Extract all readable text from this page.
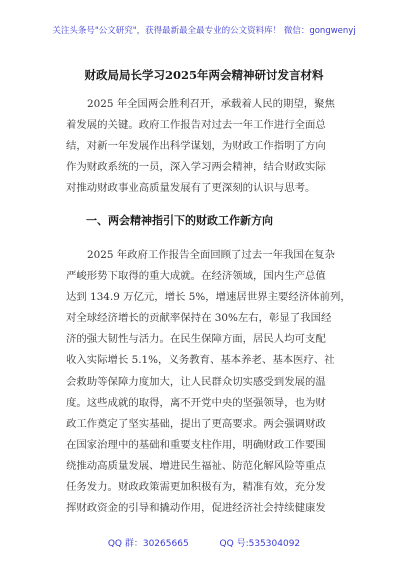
关注头条号"公文研究"，获得最新最全最专业的公文资料库！ 微信：gongwenyj
财政局局长学习2025年两会精神研讨发言材料
2025 年全国两会胜利召开，承载着人民的期望，聚焦
着发展的关键。政府工作报告对过去一年工作进行全面总
结，对新一年发展作出科学谋划，为财政工作指明了方向
作为财政系统的一员，深入学习两会精神，结合财政实际
对推动财政事业高质量发展有了更深刻的认识与思考。
一、两会精神指引下的财政工作新方向
2025 年政府工作报告全面回顾了过去一年我国在复杂
严峻形势下取得的重大成就。在经济领域，国内生产总值
达到 134.9 万亿元，增长 5%，增速居世界主要经济体前列，
对全球经济增长的贡献率保持在 30%左右，彰显了我国经
济的强大韧性与活力。在民生保障方面，居民人均可支配
收入实际增长 5.1%，义务教育、基本养老、基本医疗、社
会救助等保障力度加大，让人民群众切实感受到发展的温
度。这些成就的取得，离不开党中央的坚强领导，也为财
政工作奠定了坚实基础，提出了更高要求。两会强调财政
在国家治理中的基础和重要支柱作用，明确财政工作要围
绕推动高质量发展、增进民生福祉、防范化解风险等重点
任务发力。财政政策需更加积极有为，精准有效，充分发
挥财政资金的引导和撬动作用，促进经济社会持续健康发
QQ 群：30265665	QQ 号:535304092
